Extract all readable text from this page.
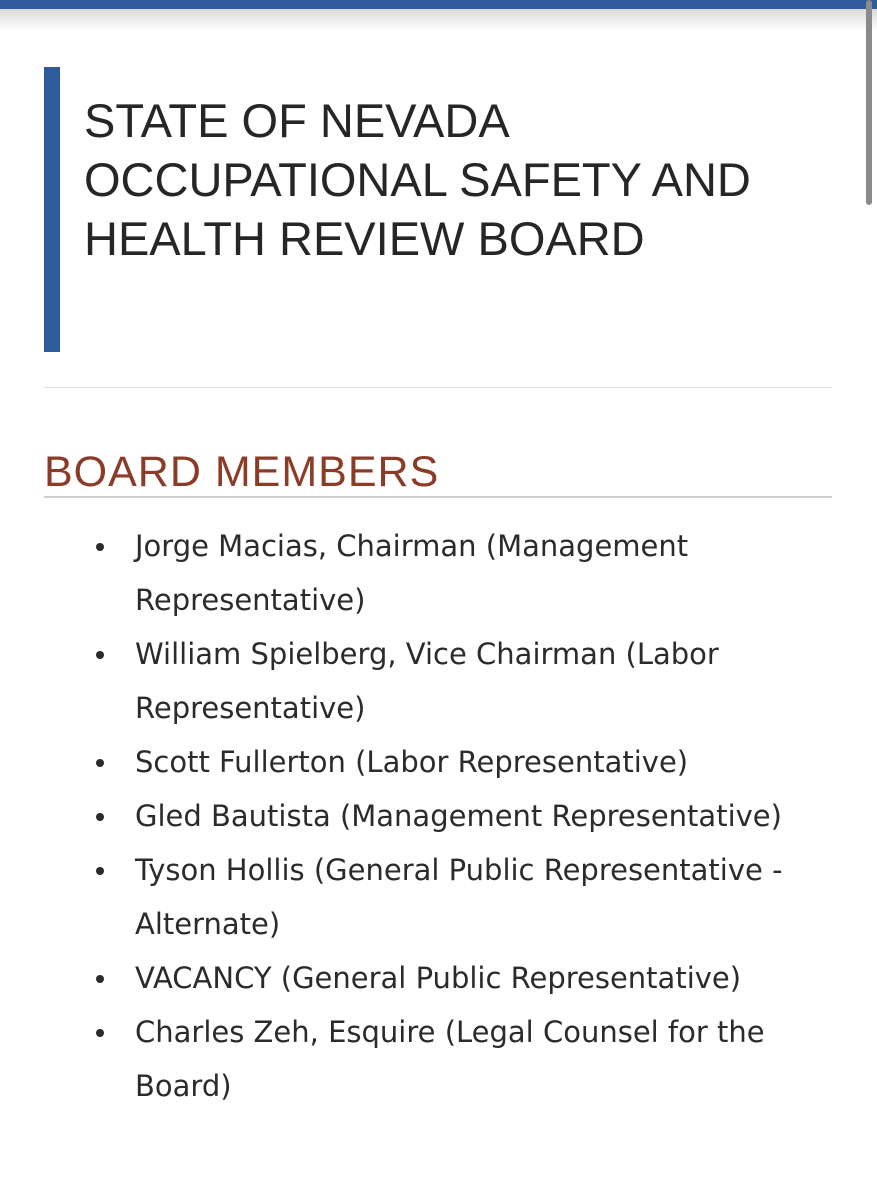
STATE OF NEVADA OCCUPATIONAL SAFETY AND HEALTH REVIEW BOARD
BOARD MEMBERS
Jorge Macias, Chairman (Management Representative)
William Spielberg, Vice Chairman (Labor Representative)
Scott Fullerton (Labor Representative)
Gled Bautista (Management Representative)
Tyson Hollis (General Public Representative - Alternate)
VACANCY (General Public Representative)
Charles Zeh, Esquire (Legal Counsel for the Board)
